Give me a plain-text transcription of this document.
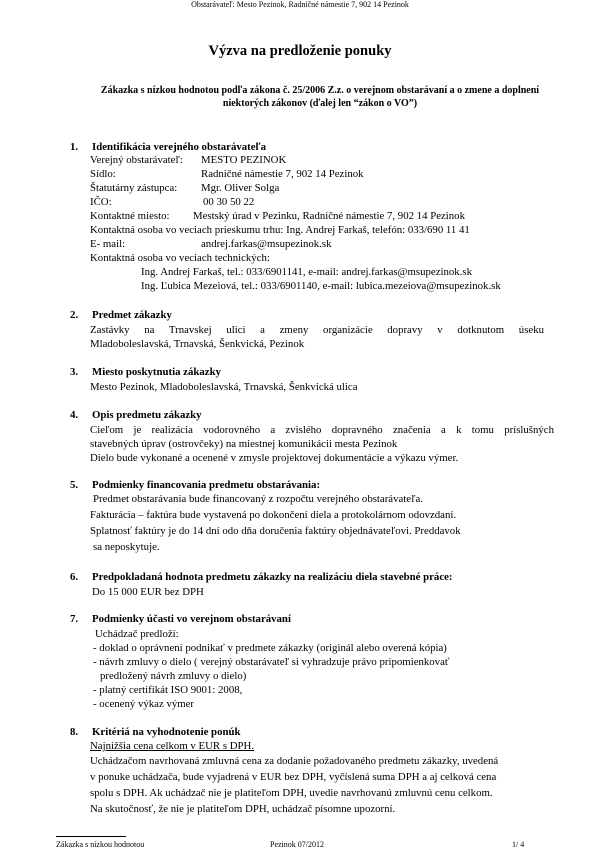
Obstarávateľ: Mesto Pezinok, Radničné námestie 7, 902 14 Pezinok
Výzva na predloženie ponuky
Zákazka s nízkou hodnotou podľa zákona č. 25/2006 Z.z. o verejnom obstarávaní a o zmene a doplnení
niektorých zákonov (ďalej len “zákon o VO”)
1. Identifikácia verejného obstarávateľa
Verejný obstarávateľ: MESTO PEZINOK
Sídlo:	Radničné námestie 7, 902 14 Pezinok
Štatutárny zástupca: Mgr. Oliver Solga
IČO:	00 30 50 22
Kontaktné miesto: Mestský úrad v Pezinku, Radničné námestie 7, 902 14 Pezinok
Kontaktná osoba vo veciach prieskumu trhu: Ing. Andrej Farkaš, telefón: 033/690 11 41
E- mail:	andrej.farkas@msupezinok.sk
Kontaktná osoba vo veciach technických:
Ing. Andrej Farkaš, tel.: 033/6901141, e-mail: andrej.farkas@msupezinok.sk
Ing. Ľubica Mezeiová, tel.: 033/6901140, e-mail: lubica.mezeiova@msupezinok.sk
2. Predmet zákazky
Zastávky na Trnavskej ulici a zmeny organizácie dopravy v dotknutom úseku
Mladoboleslavská, Trnavská, Šenkvická, Pezinok
3. Miesto poskytnutia zákazky
Mesto Pezinok, Mladoboleslavská, Trnavská, Šenkvická ulica
4. Opis predmetu zákazky
Cieľom je realizácia vodorovného a zvislého dopravného značenia a k tomu príslušných
stavebných úprav (ostrovčeky) na miestnej komunikácii mesta Pezinok
Dielo bude vykonané a ocenené v zmysle projektovej dokumentácie a výkazu výmer.
5. Podmienky financovania predmetu obstarávania:
Predmet obstarávania bude financovaný z rozpočtu verejného obstarávateľa.
Fakturácia – faktúra bude vystavená po dokončení diela a protokolárnom odovzdaní.
Splatnosť faktúry je do 14 dní odo dňa doručenia faktúry objednávateľovi. Preddavok
sa neposkytuje.
6. Predpokladaná hodnota predmetu zákazky na realizáciu diela stavebné práce:
Do 15 000 EUR bez DPH
7. Podmienky účasti vo verejnom obstarávaní
Uchádzač predloží:
- doklad o oprávnení podnikať v predmete zákazky (originál alebo overená kópia)
- návrh zmluvy o dielo ( verejný obstarávateľ si vyhradzuje právo pripomienkovať
predložený návrh zmluvy o dielo)
- platný certifikát ISO 9001: 2008,
- ocenený výkaz výmer
8. Kritériá na vyhodnotenie ponúk
Najnižšia cena celkom v EUR s DPH.
Uchádzačom navrhovaná zmluvná cena za dodanie požadovaného predmetu zákazky, uvedená
v ponuke uchádzača, bude vyjadrená v EUR bez DPH, vyčíslená suma DPH a aj celková cena
spolu s DPH. Ak uchádzač nie je platiteľom DPH, uvedie navrhovanú zmluvnú cenu celkom.
Na skutočnosť, že nie je platiteľom DPH, uchádzač písomne upozorní.
Zákazka s nízkou hodnotou	Pezinok 07/2012	1/ 4
